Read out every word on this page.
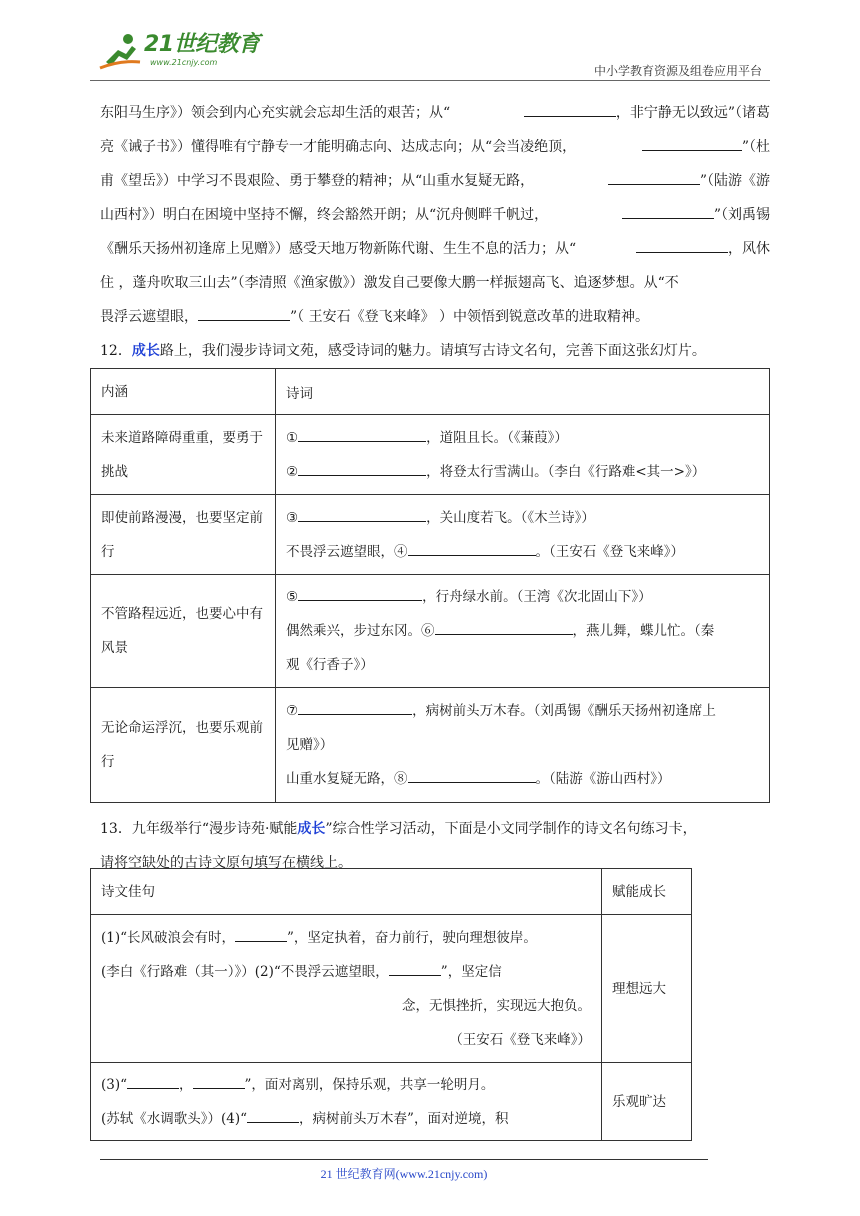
21世纪教育
www.21cnjy.com
中小学教育资源及组卷应用平台
东阳马生序》）领会到内心充实就会忘却生活的艰苦；从“	，非宁静无以致远”（诸葛
亮《诫子书》）懂得唯有宁静专一才能明确志向、达成志向；从“会当凌绝顶，	”（杜
甫《望岳》）中学习不畏艰险、勇于攀登的精神；从“山重水复疑无路，	”（陆游《游
山西村》）明白在困境中坚持不懈，终会豁然开朗；从“沉舟侧畔千帆过，	”（刘禹锡
《酬乐天扬州初逢席上见赠》）感受天地万物新陈代谢、生生不息的活力；从“	，风休
住 ，蓬舟吹取三山去”（李清照《渔家傲》）激发自己要像大鹏一样振翅高飞、追逐梦想。从“不
畏浮云遮望眼，	”（ 王安石《登飞来峰》 ）中领悟到锐意改革的进取精神。
12．成长路上，我们漫步诗词文苑，感受诗词的魅力。请填写古诗文名句，完善下面这张幻灯片。
内涵	诗词
未来道路障碍重重，要勇于挑战	① ，道阻且长。（《蒹葭》）
② ，将登太行雪满山。（李白《行路难<其一>》）

即使前路漫漫，也要坚定前行	③ ，关山度若飞。（《木兰诗》）
不畏浮云遮望眼，④ 。（王安石《登飞来峰》）

不管路程远近，也要心中有风景	⑤ ，行舟绿水前。（王湾《次北固山下》）
偶然乘兴，步过东冈。⑥ ，燕儿舞，蝶儿忙。（秦
观《行香子》）

无论命运浮沉，也要乐观前行	⑦ ，病树前头万木春。（刘禹锡《酬乐天扬州初逢席上
见赠》）
山重水复疑无路，⑧ 。（陆游《游山西村》）
13．九年级举行“漫步诗苑·赋能成长”综合性学习活动，下面是小文同学制作的诗文名句练习卡，
请将空缺处的古诗文原句填写在横线上。
诗文佳句	赋能成长

(1)“长风破浪会有时， ”，坚定执着，奋力前行，驶向理想彼岸。
(李白《行路难（其一）》）(2)“不畏浮云遮望眼， ”，坚定信
念，无惧挫折，实现远大抱负。
（王安石《登飞来峰》）	理想远大

(3)“ ， ”，面对离别，保持乐观，共享一轮明月。
(苏轼《水调歌头》）(4)“ ，病树前头万木春”，面对逆境，积	乐观旷达
21 世纪教育网(www.21cnjy.com)
